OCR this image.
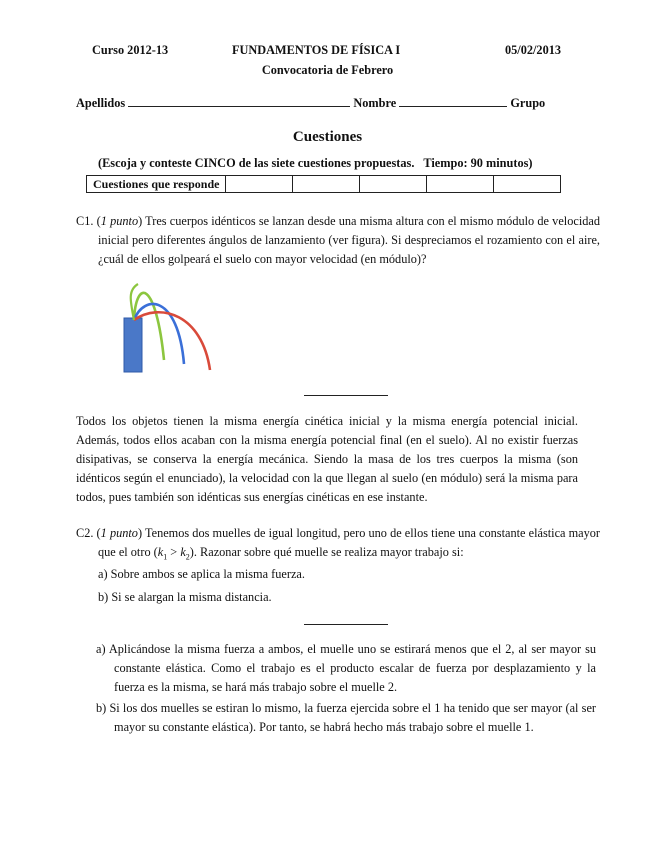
Curso 2012-13	FUNDAMENTOS DE FÍSICA I	05/02/2013
Convocatoria de Febrero
Apellidos	Nombre	Grupo
Cuestiones
(Escoja y conteste CINCO de las siete cuestiones propuestas.   Tiempo: 90 minutos)
Cuestiones que responde					
C1. (1 punto) Tres cuerpos idénticos se lanzan desde una misma altura con el mismo módulo de velocidad inicial pero diferentes ángulos de lanzamiento (ver figura). Si despreciamos el rozamiento con el aire, ¿cuál de ellos golpeará el suelo con mayor velocidad (en módulo)?
Todos los objetos tienen la misma energía cinética inicial y la misma energía potencial inicial. Además, todos ellos acaban con la misma energía potencial final (en el suelo). Al no existir fuerzas disipativas, se conserva la energía mecánica. Siendo la masa de los tres cuerpos la misma (son idénticos según el enunciado), la velocidad con la que llegan al suelo (en módulo) será la misma para todos, pues también son idénticas sus energías cinéticas en ese instante.
C2. (1 punto) Tenemos dos muelles de igual longitud, pero uno de ellos tiene una constante elástica mayor que el otro $(k_1 > k_2)$. Razonar sobre qué muelle se realiza mayor trabajo si:
a) Sobre ambos se aplica la misma fuerza.
b) Si se alargan la misma distancia.
a) Aplicándose la misma fuerza a ambos, el muelle uno se estirará menos que el 2, al ser mayor su constante elástica. Como el trabajo es el producto escalar de fuerza por desplazamiento y la fuerza es la misma, se hará más trabajo sobre el muelle 2.
b) Si los dos muelles se estiran lo mismo, la fuerza ejercida sobre el 1 ha tenido que ser mayor (al ser mayor su constante elástica). Por tanto, se habrá hecho más trabajo sobre el muelle 1.
